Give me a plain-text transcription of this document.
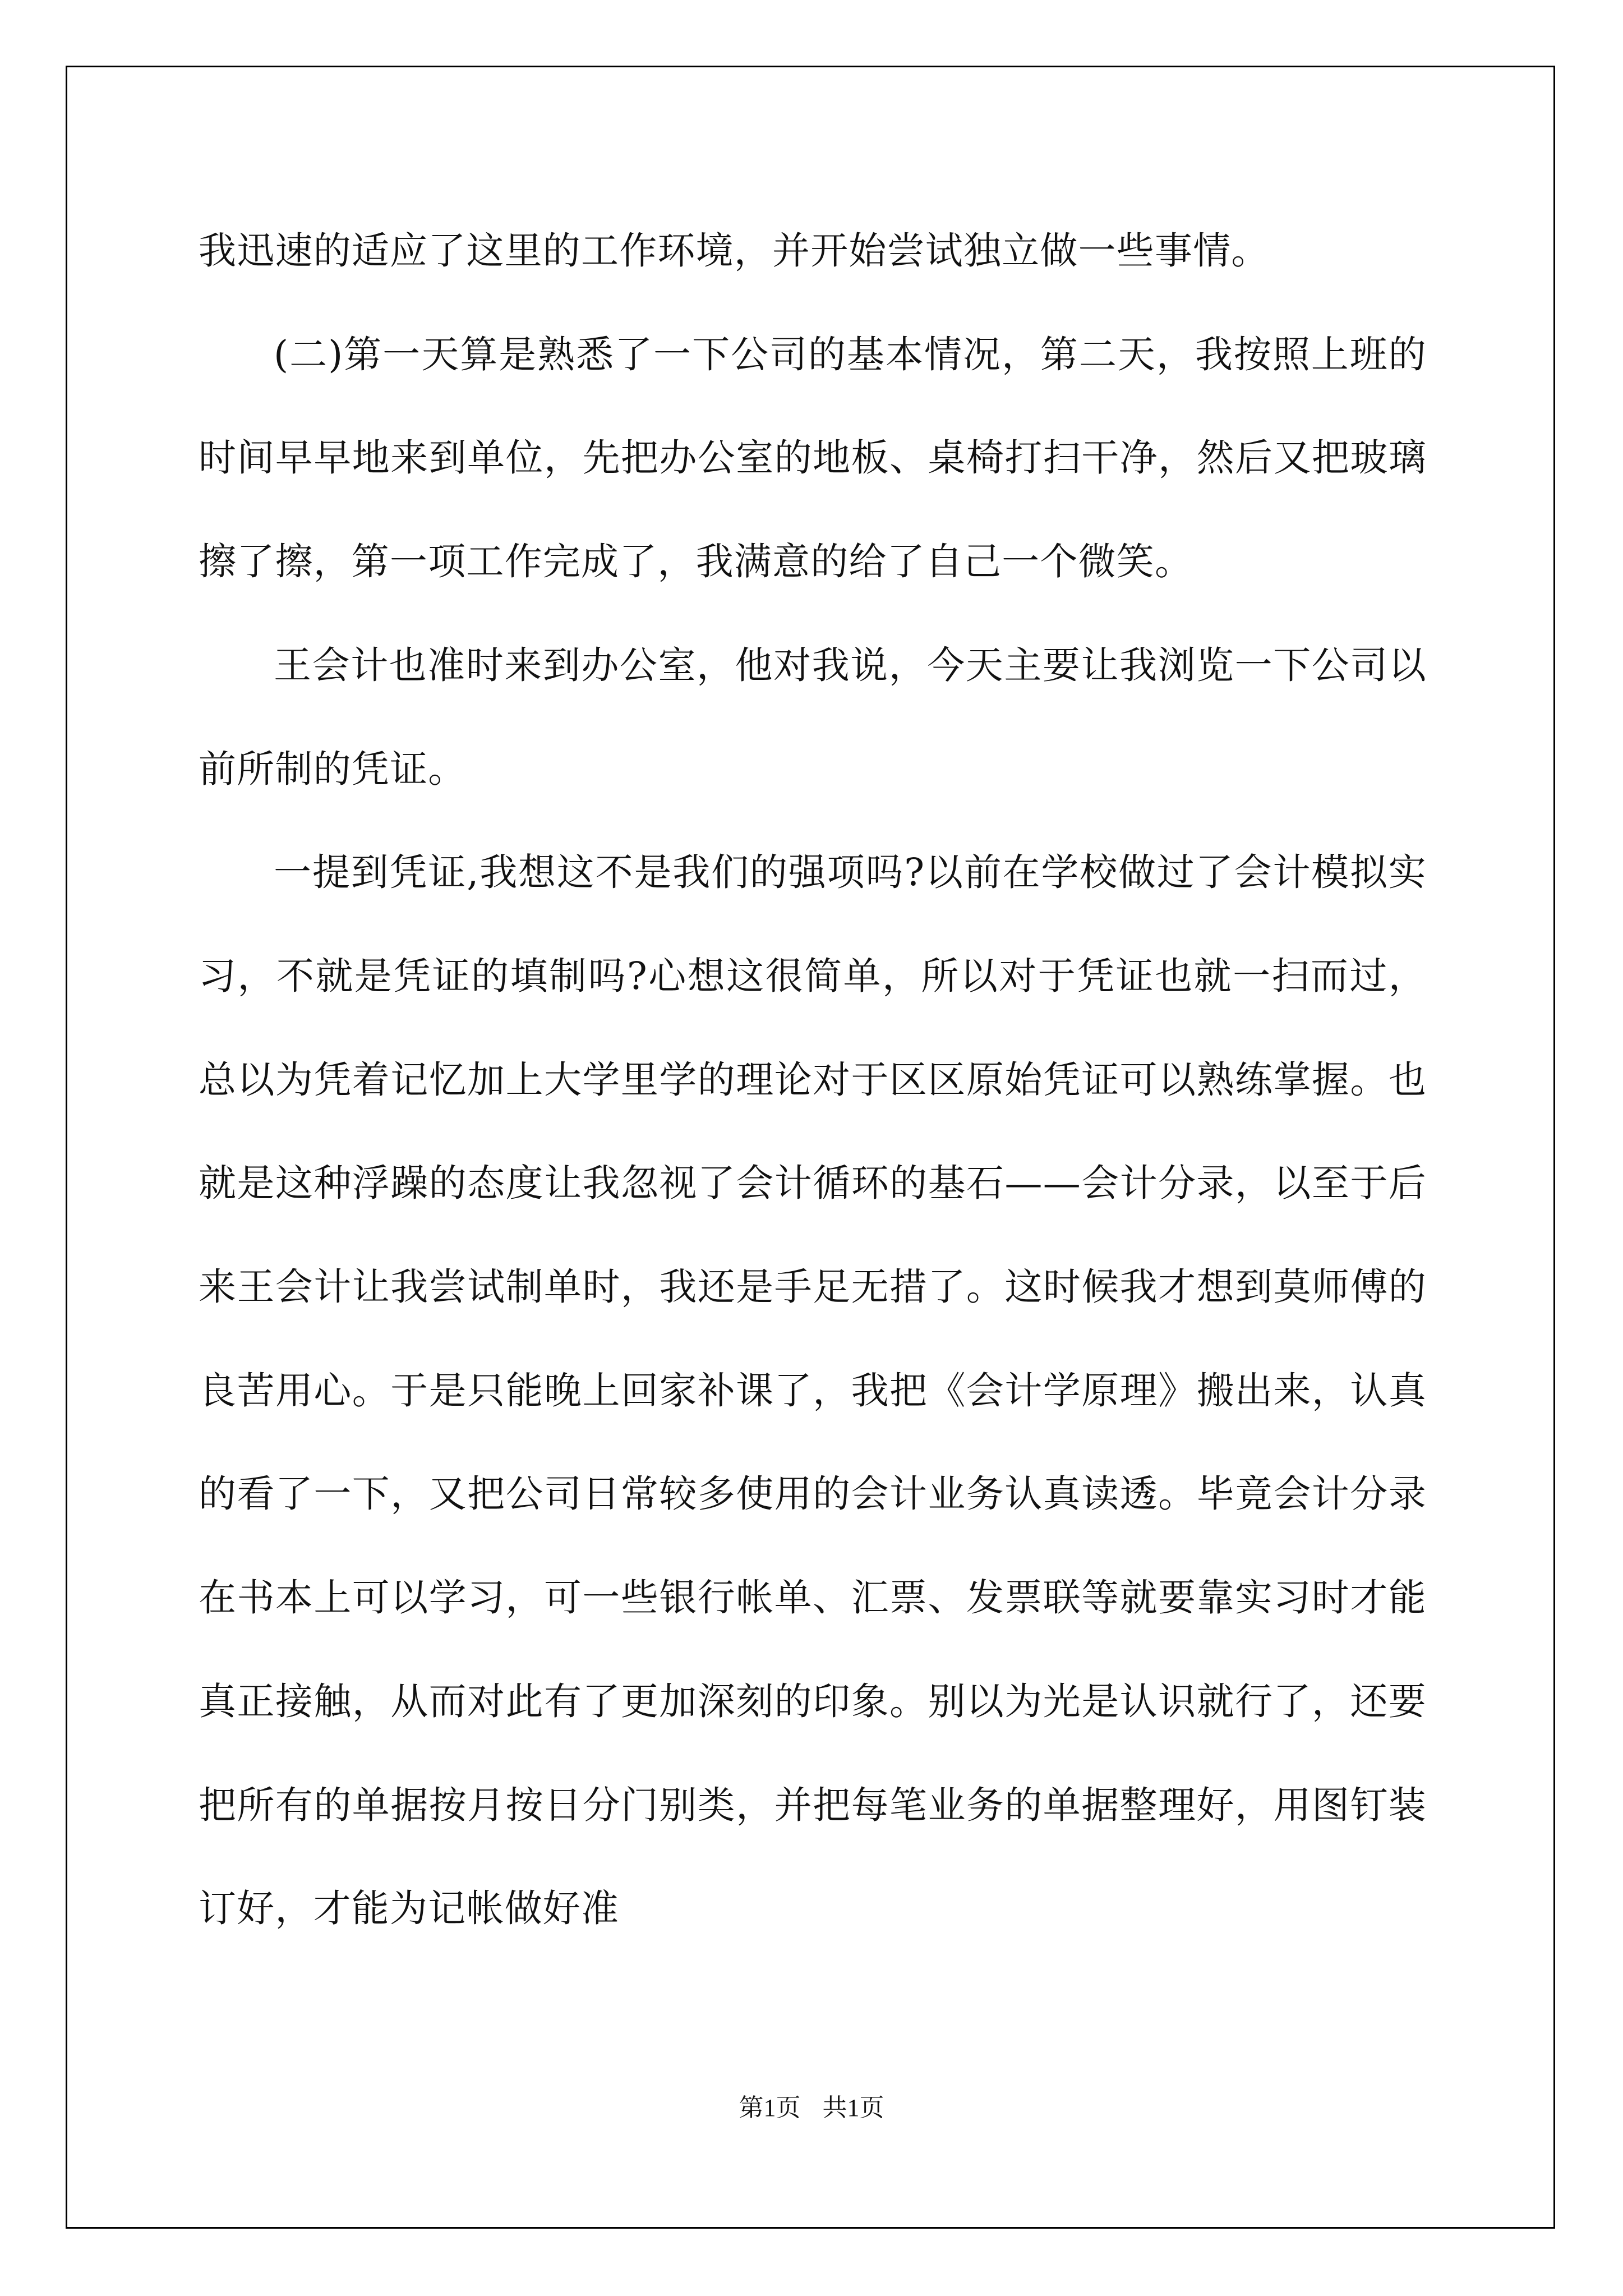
我迅速的适应了这里的工作环境，并开始尝试独立做一些事情。

(二)第一天算是熟悉了一下公司的基本情况，第二天，我按照上班的时间早早地来到单位，先把办公室的地板、桌椅打扫干净，然后又把玻璃擦了擦，第一项工作完成了，我满意的给了自己一个微笑。

王会计也准时来到办公室，他对我说，今天主要让我浏览一下公司以前所制的凭证。

一提到凭证,我想这不是我们的强项吗?以前在学校做过了会计模拟实习，不就是凭证的填制吗?心想这很简单，所以对于凭证也就一扫而过，总以为凭着记忆加上大学里学的理论对于区区原始凭证可以熟练掌握。也就是这种浮躁的态度让我忽视了会计循环的基石——会计分录，以至于后来王会计让我尝试制单时，我还是手足无措了。这时候我才想到莫师傅的良苦用心。于是只能晚上回家补课了，我把《会计学原理》搬出来，认真的看了一下，又把公司日常较多使用的会计业务认真读透。毕竟会计分录在书本上可以学习，可一些银行帐单、汇票、发票联等就要靠实习时才能真正接触，从而对此有了更加深刻的印象。别以为光是认识就行了，还要把所有的单据按月按日分门别类，并把每笔业务的单据整理好，用图钉装订好，才能为记帐做好准

第1页 共1页
